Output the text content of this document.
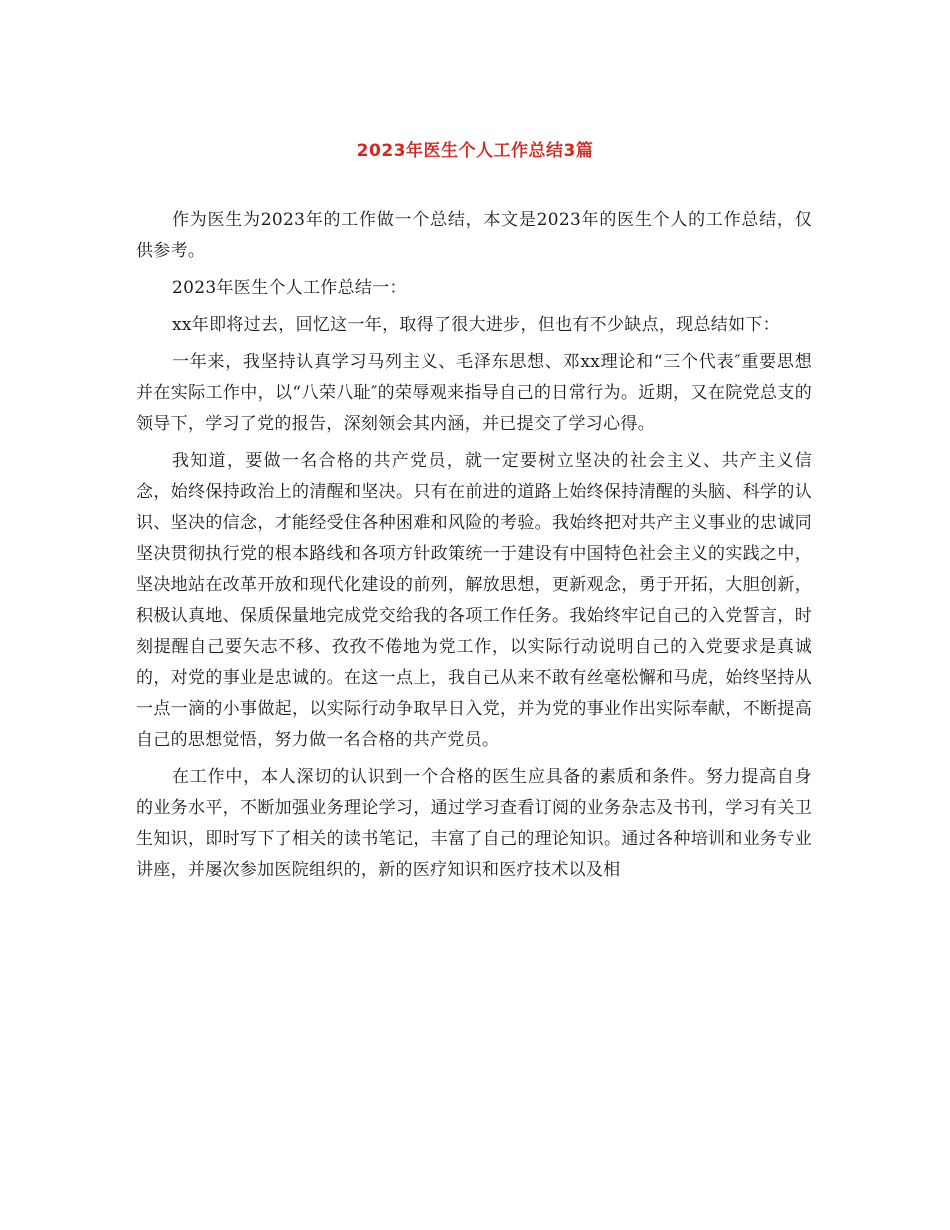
2023年医生个人工作总结3篇

作为医生为2023年的工作做一个总结，本文是2023年的医生个人的工作总结，仅供参考。

2023年医生个人工作总结一：

xx年即将过去，回忆这一年，取得了很大进步，但也有不少缺点，现总结如下：

一年来，我坚持认真学习马列主义、毛泽东思想、邓xx理论和“三个代表″重要思想并在实际工作中，以“八荣八耻″的荣辱观来指导自己的日常行为。近期，又在院党总支的领导下，学习了党的报告，深刻领会其内涵，并已提交了学习心得。

我知道，要做一名合格的共产党员，就一定要树立坚决的社会主义、共产主义信念，始终保持政治上的清醒和坚决。只有在前进的道路上始终保持清醒的头脑、科学的认识、坚决的信念，才能经受住各种困难和风险的考验。我始终把对共产主义事业的忠诚同坚决贯彻执行党的根本路线和各项方针政策统一于建设有中国特色社会主义的实践之中，坚决地站在改革开放和现代化建设的前列，解放思想，更新观念，勇于开拓，大胆创新，积极认真地、保质保量地完成党交给我的各项工作任务。我始终牢记自己的入党誓言，时刻提醒自己要矢志不移、孜孜不倦地为党工作，以实际行动说明自己的入党要求是真诚的，对党的事业是忠诚的。在这一点上，我自己从来不敢有丝毫松懈和马虎，始终坚持从一点一滴的小事做起，以实际行动争取早日入党，并为党的事业作出实际奉献，不断提高自己的思想觉悟，努力做一名合格的共产党员。

在工作中，本人深切的认识到一个合格的医生应具备的素质和条件。努力提高自身的业务水平，不断加强业务理论学习，通过学习查看订阅的业务杂志及书刊，学习有关卫生知识，即时写下了相关的读书笔记，丰富了自己的理论知识。通过各种培训和业务专业讲座，并屡次参加医院组织的，新的医疗知识和医疗技术以及相
